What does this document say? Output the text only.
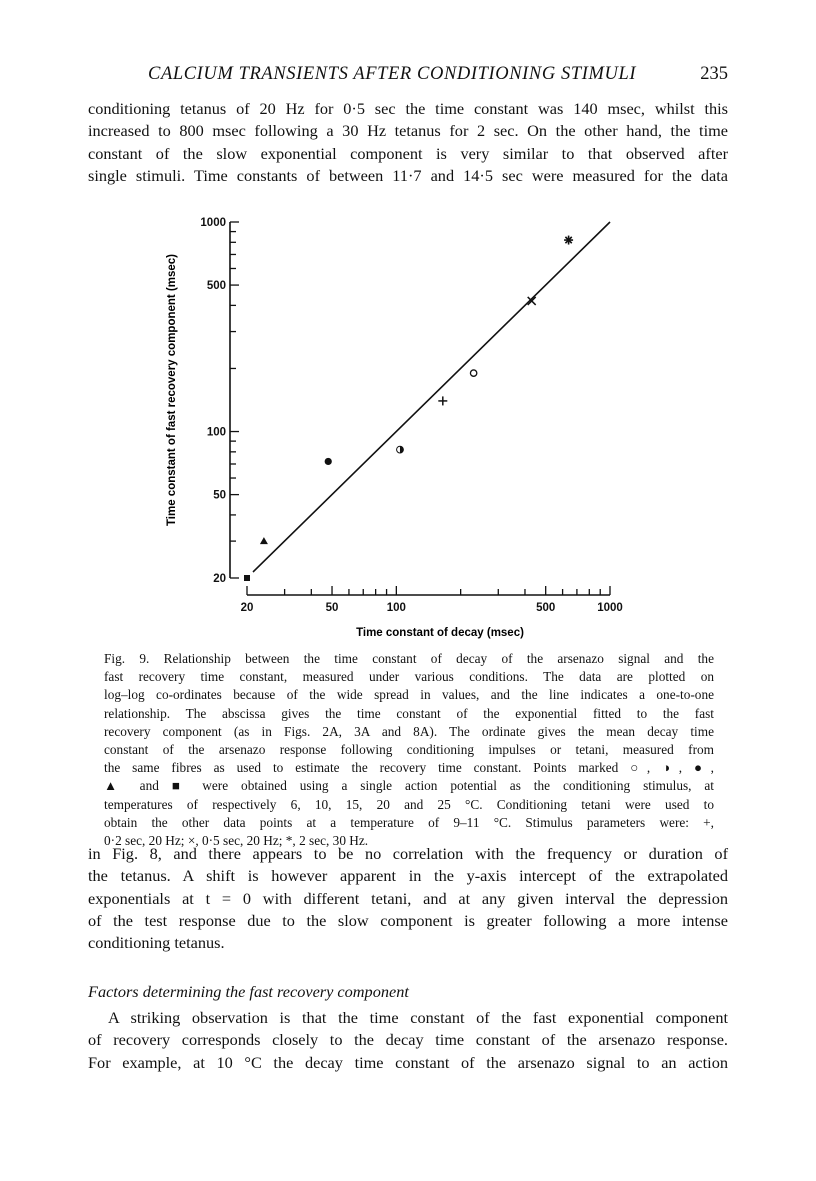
CALCIUM TRANSIENTS AFTER CONDITIONING STIMULI	235

conditioning tetanus of 20 Hz for 0·5 sec the time constant was 140 msec, whilst this
increased to 800 msec following a 30 Hz tetanus for 2 sec. On the other hand, the time
constant of the slow exponential component is very similar to that observed after
single stimuli. Time constants of between 11·7 and 14·5 sec were measured for the data

20
50
100
500
1000
20	50	100	500	1000
Time constant of fast recovery component (msec)
Time constant of decay (msec)
Fig. 9. Relationship between the time constant of decay of the arsenazo signal and the
fast recovery time constant, measured under various conditions. The data are plotted on
log–log co-ordinates because of the wide spread in values, and the line indicates a one-to-one
relationship. The abscissa gives the time constant of the exponential fitted to the fast
recovery component (as in Figs. 2A, 3A and 8A). The ordinate gives the mean decay time
constant of the arsenazo response following conditioning impulses or tetani, measured from
the same fibres as used to estimate the recovery time constant. Points marked ○, ◑, ●,
▲ and ■ were obtained using a single action potential as the conditioning stimulus, at
temperatures of respectively 6, 10, 15, 20 and 25 °C. Conditioning tetani were used to
obtain the other data points at a temperature of 9–11 °C. Stimulus parameters were: +,
0·2 sec, 20 Hz; ×, 0·5 sec, 20 Hz; *, 2 sec, 30 Hz.

in Fig. 8, and there appears to be no correlation with the frequency or duration of
the tetanus. A shift is however apparent in the y-axis intercept of the extrapolated
exponentials at t = 0 with different tetani, and at any given interval the depression
of the test response due to the slow component is greater following a more intense
conditioning tetanus.

Factors determining the fast recovery component

A striking observation is that the time constant of the fast exponential component
of recovery corresponds closely to the decay time constant of the arsenazo response.
For example, at 10 °C the decay time constant of the arsenazo signal to an action
